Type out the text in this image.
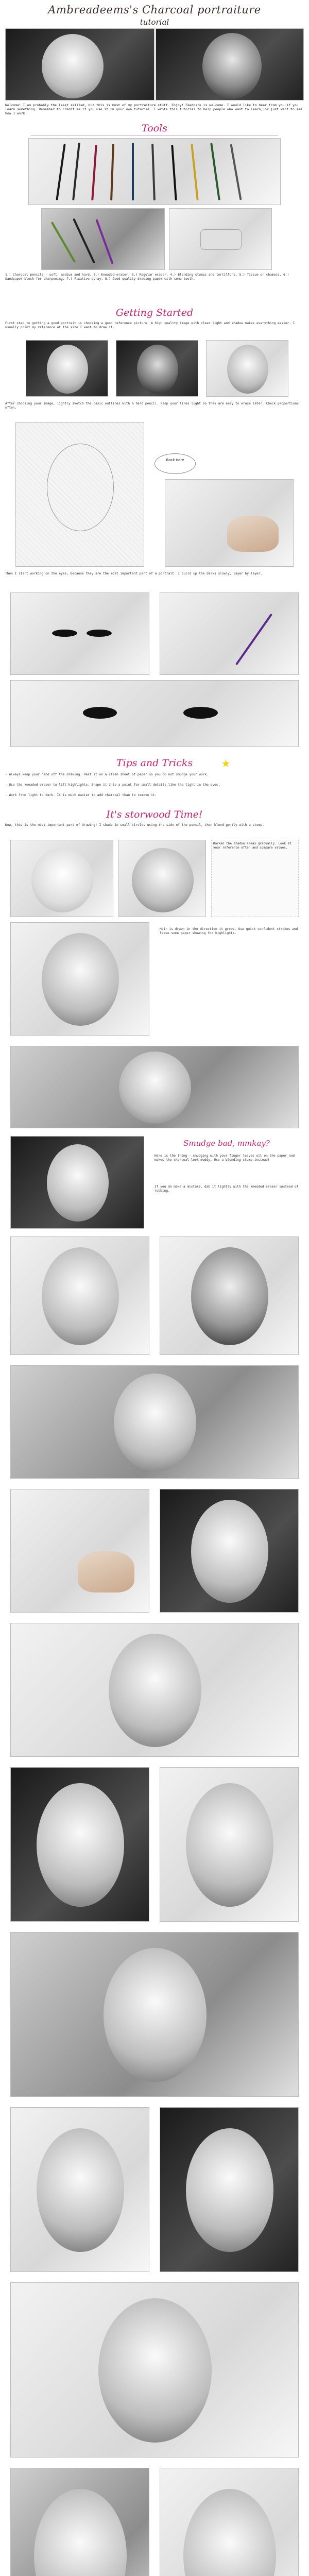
Ambreadeems's Charcoal portraiture
tutorial
Welcome! I am probably the least skilled, but this is most of my portraiture stuff. Enjoy! Feedback is welcome. I would like to hear from you if you learn something. Remember to credit me if you use it in your own tutorial. I wrote this tutorial to help people who want to learn, or just want to see how I work.
Tools
1.) Charcoal pencils - soft, medium and hard. 2.) Kneaded eraser. 3.) Regular eraser. 4.) Blending stumps and tortillons. 5.) Tissue or chamois. 6.) Sandpaper block for sharpening. 7.) Fixative spray. 8.) Good quality drawing paper with some tooth.
Getting Started
First step to getting a good portrait is choosing a good reference picture. A high quality image with clear light and shadow makes everything easier. I usually print my reference at the size I want to draw it.
After choosing your image, lightly sketch the basic outlines with a hard pencil. Keep your lines light so they are easy to erase later. Check proportions often.
Back here
Then I start working on the eyes, because they are the most important part of a portrait. I build up the darks slowly, layer by layer.
Tips and Tricks	★
- Always keep your hand off the drawing. Rest it on a clean sheet of paper so you do not smudge your work.
- Use the kneaded eraser to lift highlights. Shape it into a point for small details like the light in the eyes.
- Work from light to dark. It is much easier to add charcoal than to remove it.
It's storwood Time!
Now, this is the most important part of drawing! I shade in small circles using the side of the pencil, then blend gently with a stump.
Darken the shadow areas gradually. Look at your reference often and compare values.
Hair is drawn in the direction it grows. Use quick confident strokes and leave some paper showing for highlights.
Smudge bad, mmkay?
Here is the thing - smudging with your finger leaves oil on the paper and makes the charcoal look muddy. Use a blending stump instead!
If you do make a mistake, dab it lightly with the kneaded eraser instead of rubbing.
